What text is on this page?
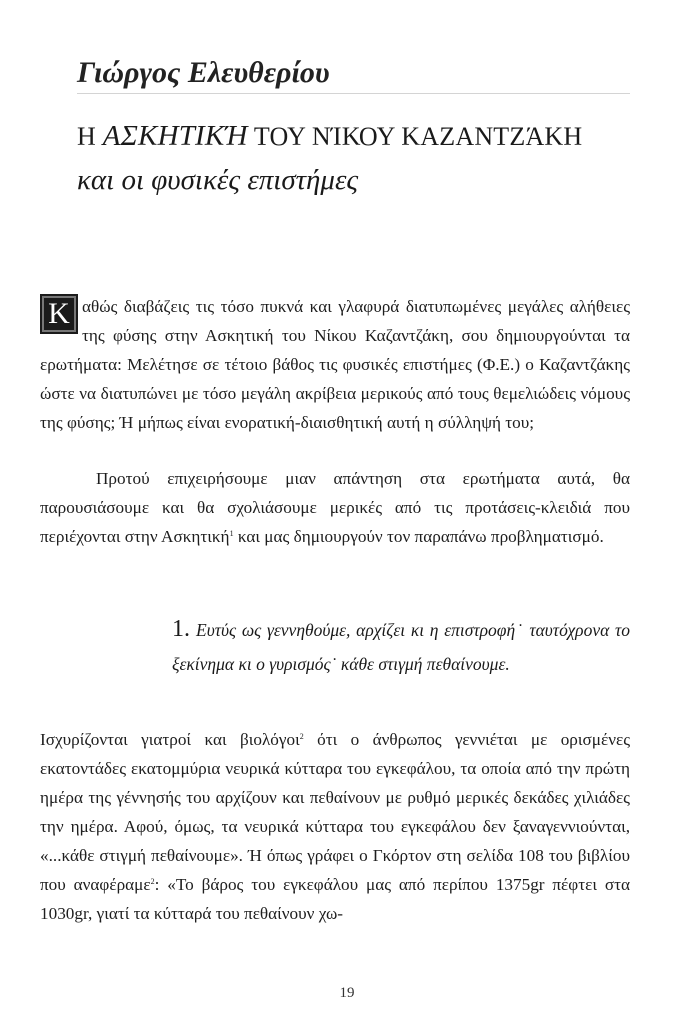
Γιώργος Ελευθερίου
Η ΑΣΚΗΤΙΚΉ ΤΟΥ ΝΊΚΟΥ ΚΑΖΑΝΤΖΆΚΗ
και οι φυσικές επιστήμες

Κ αθώς διαβάζεις τις τόσο πυκνά και γλαφυρά διατυπωμένες μεγάλες αλήθειες της φύσης στην Ασκητική του Νίκου Καζαντζάκη, σου δημιουργούνται τα ερωτήματα: Μελέτησε σε τέτοιο βάθος τις φυσικές επιστήμες (Φ.Ε.) ο Καζαντζάκης ώστε να διατυπώνει με τόσο μεγάλη ακρίβεια μερικούς από τους θεμελιώδεις νόμους της φύσης; Ή μήπως είναι ενορατική-διαισθητική αυτή η σύλληψή του;

Προτού επιχειρήσουμε μιαν απάντηση στα ερωτήματα αυτά, θα παρουσιάσουμε και θα σχολιάσουμε μερικές από τις προτάσεις-κλειδιά που περιέχονται στην Ασκητική$^1$ και μας δημιουργούν τον παραπάνω προβληματισμό.

1. Ευτύς ως γεννηθούμε, αρχίζει κι η επιστροφή˙ ταυτόχρονα το ξεκίνημα κι ο γυρισμός˙ κάθε στιγμή πεθαίνουμε.

Ισχυρίζονται γιατροί και βιολόγοι$^2$ ότι ο άνθρωπος γεννιέται με ορισμένες εκατοντάδες εκατομμύρια νευρικά κύτταρα του εγκεφάλου, τα οποία από την πρώτη ημέρα της γέννησής του αρχίζουν και πεθαίνουν με ρυθμό μερικές δεκάδες χιλιάδες την ημέρα. Αφού, όμως, τα νευρικά κύτταρα του εγκεφάλου δεν ξαναγεννιούνται, «...κάθε στιγμή πεθαίνουμε». Ή όπως γράφει ο Γκόρτον στη σελίδα 108 του βιβλίου που αναφέραμε$^2$: «Το βάρος του εγκεφάλου μας από περίπου 1375gr πέφτει στα 1030gr, γιατί τα κύτταρά του πεθαίνουν χω-

19
